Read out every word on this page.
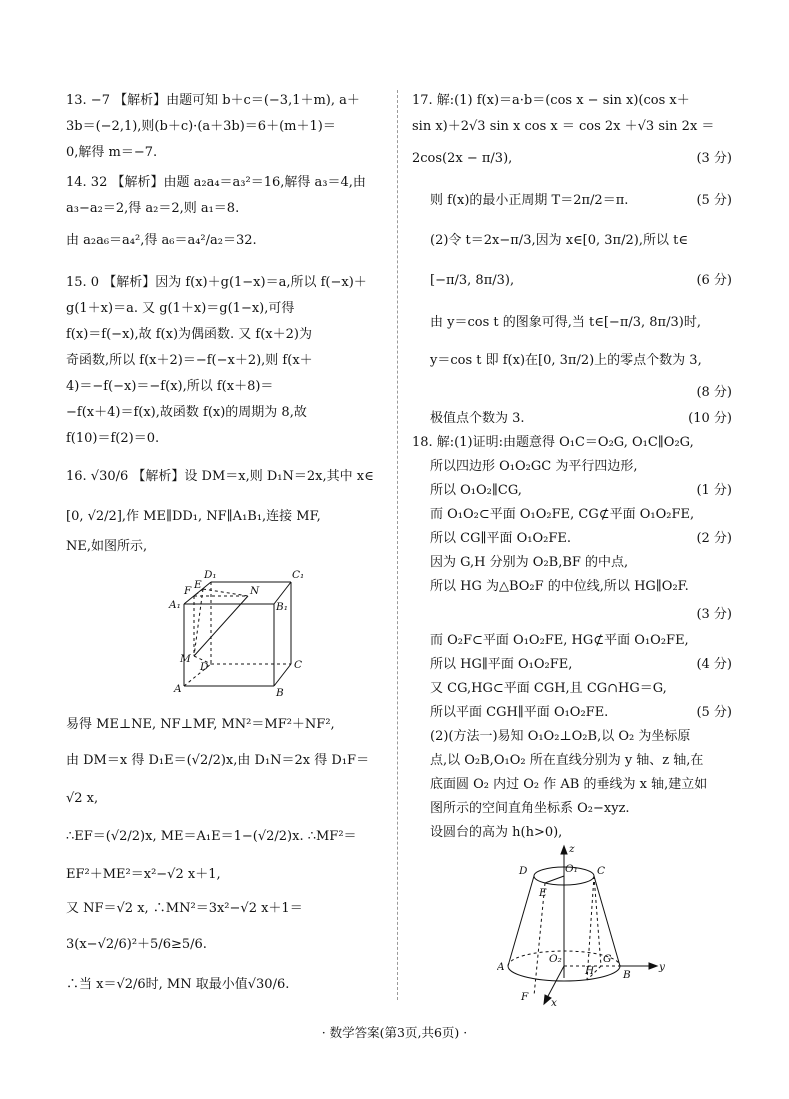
13. −7 【解析】由题可知 b＋c＝(−3,1＋m), a＋
3b＝(−2,1),则(b＋c)·(a＋3b)＝6＋(m＋1)＝
0,解得 m＝−7.
14. 32 【解析】由题 a₂a₄＝a₃²＝16,解得 a₃＝4,由
a₃−a₂＝2,得 a₂＝2,则 a₁＝8.
由 a₂a₆＝a₄²,得 a₆＝a₄²/a₂＝32.
15. 0 【解析】因为 f(x)＋g(1−x)＝a,所以 f(−x)＋
g(1＋x)＝a. 又 g(1＋x)＝g(1−x),可得
f(x)＝f(−x),故 f(x)为偶函数. 又 f(x＋2)为
奇函数,所以 f(x＋2)＝−f(−x＋2),则 f(x＋
4)＝−f(−x)＝−f(x),所以 f(x＋8)＝
−f(x＋4)＝f(x),故函数 f(x)的周期为 8,故
f(10)＝f(2)＝0.
16. √30/6 【解析】设 DM＝x,则 D₁N＝2x,其中 x∈
[0, √2/2],作 ME∥DD₁, NF∥A₁B₁,连接 MF,
NE,如图所示,
D₁	C₁
F E	N
A₁	B₁
M
D	C
A	B
易得 ME⊥NE, NF⊥MF, MN²＝MF²＋NF²,
由 DM＝x 得 D₁E＝(√2/2)x,由 D₁N＝2x 得 D₁F＝
√2 x,
∴EF＝(√2/2)x, ME＝A₁E＝1−(√2/2)x. ∴MF²＝
EF²＋ME²＝x²−√2 x＋1,
又 NF＝√2 x, ∴MN²＝3x²−√2 x＋1＝
3(x−√2/6)²＋5/6≥5/6.
∴当 x＝√2/6时, MN 取最小值√30/6.
17. 解:(1) f(x)＝a·b＝(cos x − sin x)(cos x＋
sin x)＋2√3 sin x cos x ＝ cos 2x ＋√3 sin 2x ＝
2cos(2x − π/3),	(3 分)
则 f(x)的最小正周期 T＝2π/2＝π.	(5 分)
(2)令 t＝2x−π/3,因为 x∈[0, 3π/2),所以 t∈
[−π/3, 8π/3),	(6 分)
由 y＝cos t 的图象可得,当 t∈[−π/3, 8π/3)时,
y＝cos t 即 f(x)在[0, 3π/2)上的零点个数为 3,
(8 分)
极值点个数为 3.	(10 分)
18. 解:(1)证明:由题意得 O₁C＝O₂G, O₁C∥O₂G,
所以四边形 O₁O₂GC 为平行四边形,
所以 O₁O₂∥CG,	(1 分)
而 O₁O₂⊂平面 O₁O₂FE, CG⊄平面 O₁O₂FE,
所以 CG∥平面 O₁O₂FE.	(2 分)
因为 G,H 分别为 O₂B,BF 的中点,
所以 HG 为△BO₂F 的中位线,所以 HG∥O₂F.
(3 分)
而 O₂F⊂平面 O₁O₂FE, HG⊄平面 O₁O₂FE,
所以 HG∥平面 O₁O₂FE,	(4 分)
又 CG,HG⊂平面 CGH,且 CG∩HG＝G,
所以平面 CGH∥平面 O₁O₂FE.	(5 分)
(2)(方法一)易知 O₁O₂⊥O₂B,以 O₂ 为坐标原
点,以 O₂B,O₁O₂ 所在直线分别为 y 轴、z 轴,在
底面圆 O₂ 内过 O₂ 作 AB 的垂线为 x 轴,建立如
图所示的空间直角坐标系 O₂−xyz.
设圆台的高为 h(h>0),
z
D	O₁ C
E
O₂	G
A	H	B
y
F x
· 数学答案(第3页,共6页) ·
